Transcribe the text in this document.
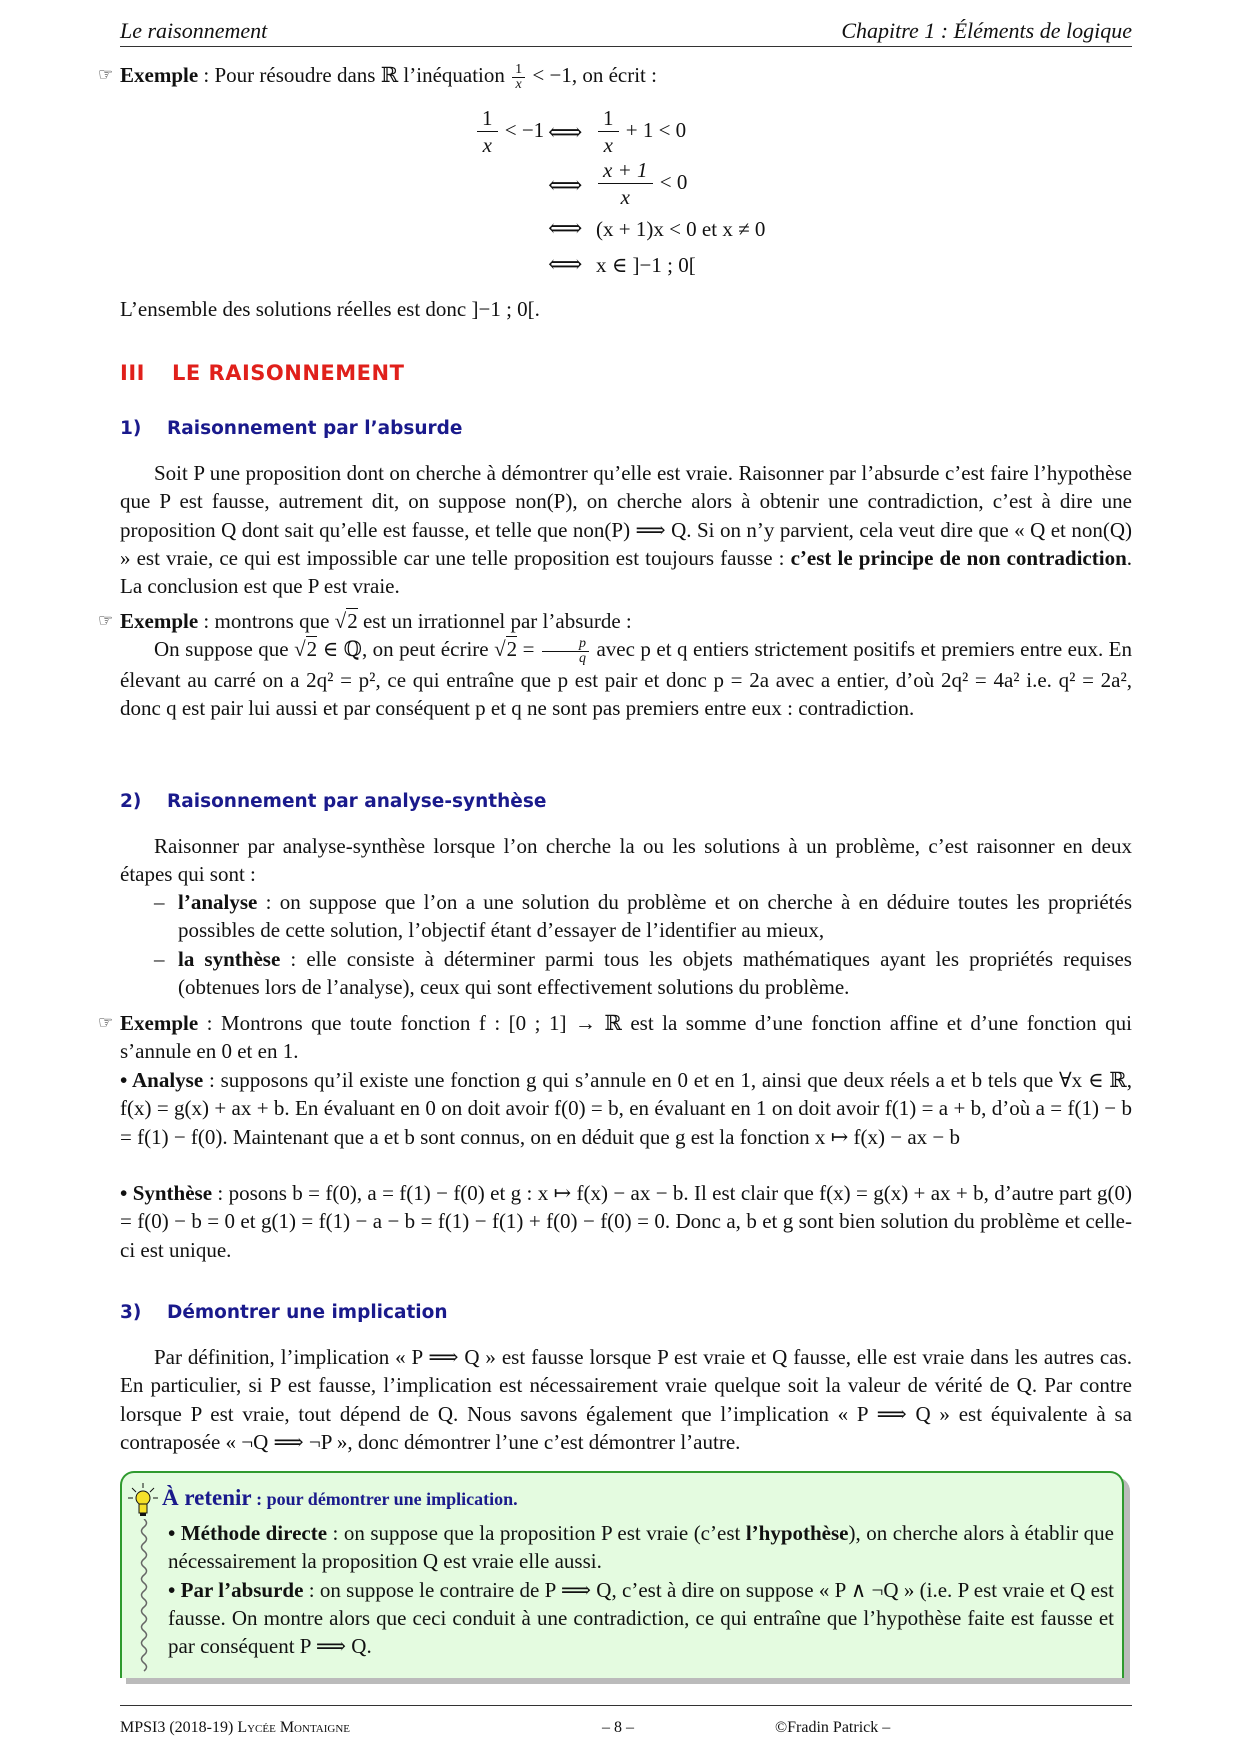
Le raisonnement	Chapitre 1 : Éléments de logique
☞ Exemple : Pour résoudre dans ℝ l’inéquation $\frac{1}{x} < -1$, on écrit :
$\frac{1}{x} < -1$ ⟺ $\frac{1}{x} + 1 < 0$
⟺ $\frac{x + 1}{x} < 0$
⟺ (x + 1)x < 0 et x ≠ 0
⟺ x ∈ ]−1 ; 0[
L’ensemble des solutions réelles est donc ]−1 ; 0[.
III LE RAISONNEMENT
1) Raisonnement par l’absurde
Soit P une proposition dont on cherche à démontrer qu’elle est vraie. Raisonner par l’absurde c’est faire l’hypothèse que P est fausse, autrement dit, on suppose non(P), on cherche alors à obtenir une contradiction, c’est à dire une proposition Q dont sait qu’elle est fausse, et telle que non(P) ⟹ Q. Si on n’y parvient, cela veut dire que « Q et non(Q) » est vraie, ce qui est impossible car une telle proposition est toujours fausse : c’est le principe de non contradiction. La conclusion est que P est vraie.
☞ Exemple : montrons que √2 est un irrationnel par l’absurde :
On suppose que √2 ∈ ℚ, on peut écrire $√2 = \frac{p}{q}$ avec p et q entiers strictement positifs et premiers entre eux. En élevant au carré on a 2q² = p², ce qui entraîne que p est pair et donc p = 2a avec a entier, d’où 2q² = 4a² i.e. q² = 2a², donc q est pair lui aussi et par conséquent p et q ne sont pas premiers entre eux : contradiction.
2) Raisonnement par analyse-synthèse
Raisonner par analyse-synthèse lorsque l’on cherche la ou les solutions à un problème, c’est raisonner en deux étapes qui sont :
– l’analyse : on suppose que l’on a une solution du problème et on cherche à en déduire toutes les propriétés possibles de cette solution, l’objectif étant d’essayer de l’identifier au mieux,
– la synthèse : elle consiste à déterminer parmi tous les objets mathématiques ayant les propriétés requises (obtenues lors de l’analyse), ceux qui sont effectivement solutions du problème.
☞ Exemple : Montrons que toute fonction f : [0 ; 1] → ℝ est la somme d’une fonction affine et d’une fonction qui s’annule en 0 et en 1.
• Analyse : supposons qu’il existe une fonction g qui s’annule en 0 et en 1, ainsi que deux réels a et b tels que ∀x ∈ ℝ, f(x) = g(x) + ax + b. En évaluant en 0 on doit avoir f(0) = b, en évaluant en 1 on doit avoir f(1) = a + b, d’où a = f(1) − b = f(1) − f(0). Maintenant que a et b sont connus, on en déduit que g est la fonction x ↦ f(x) − ax − b
• Synthèse : posons b = f(0), a = f(1) − f(0) et g : x ↦ f(x) − ax − b. Il est clair que f(x) = g(x) + ax + b, d’autre part g(0) = f(0) − b = 0 et g(1) = f(1) − a − b = f(1) − f(1) + f(0) − f(0) = 0. Donc a, b et g sont bien solution du problème et celle-ci est unique.
3) Démontrer une implication
Par définition, l’implication « P ⟹ Q » est fausse lorsque P est vraie et Q fausse, elle est vraie dans les autres cas. En particulier, si P est fausse, l’implication est nécessairement vraie quelque soit la valeur de vérité de Q. Par contre lorsque P est vraie, tout dépend de Q. Nous savons également que l’implication « P ⟹ Q » est équivalente à sa contraposée « ¬Q ⟹ ¬P », donc démontrer l’une c’est démontrer l’autre.
À retenir : pour démontrer une implication.
• Méthode directe : on suppose que la proposition P est vraie (c’est l’hypothèse), on cherche alors à établir que nécessairement la proposition Q est vraie elle aussi.
• Par l’absurde : on suppose le contraire de P ⟹ Q, c’est à dire on suppose « P ∧ ¬Q » (i.e. P est vraie et Q est fausse. On montre alors que ceci conduit à une contradiction, ce qui entraîne que l’hypothèse faite est fausse et par conséquent P ⟹ Q.
MPSI3 (2018-19) Lycée Montaigne	– 8 –	©Fradin Patrick –
